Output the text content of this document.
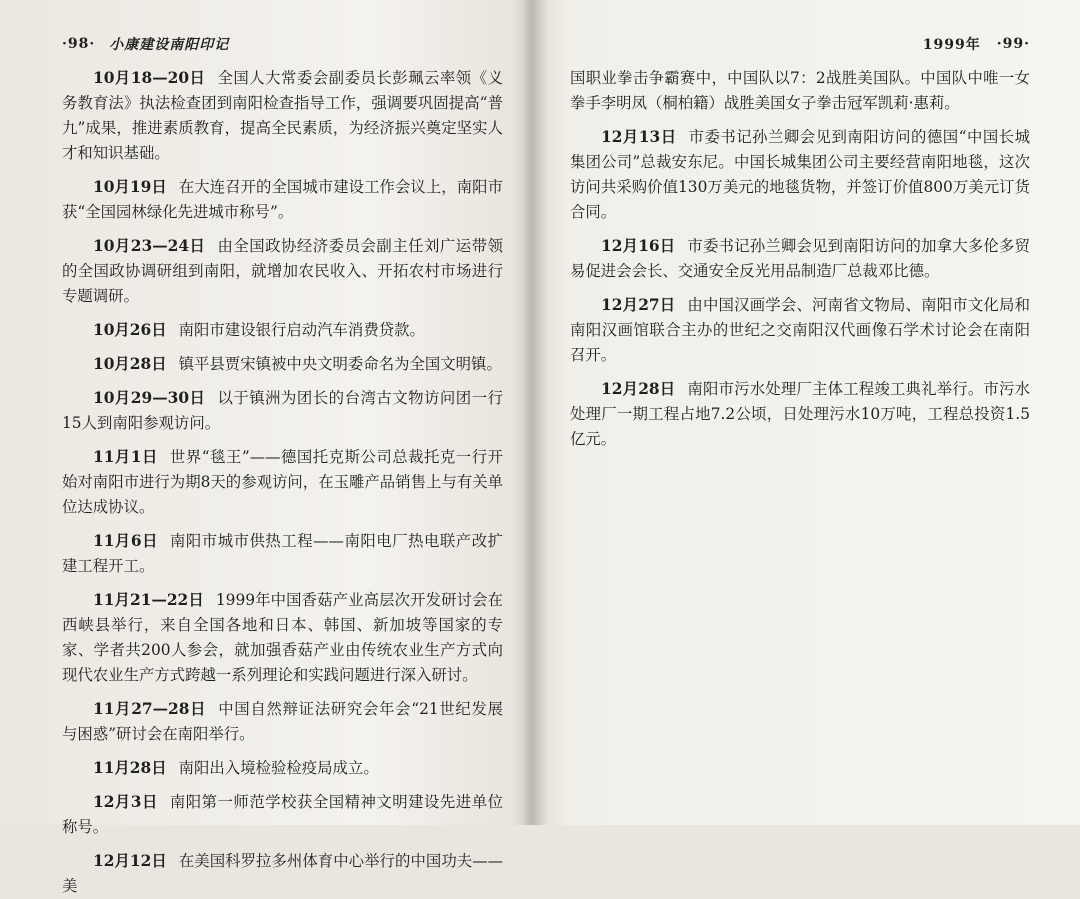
·98· 小康建设南阳印记

10月18—20日 全国人大常委会副委员长彭珮云率领《义务教育法》执法检查团到南阳检查指导工作，强调要巩固提高“普九”成果，推进素质教育，提高全民素质，为经济振兴奠定坚实人才和知识基础。

10月19日 在大连召开的全国城市建设工作会议上，南阳市获“全国园林绿化先进城市称号”。

10月23—24日 由全国政协经济委员会副主任刘广运带领的全国政协调研组到南阳，就增加农民收入、开拓农村市场进行专题调研。

10月26日 南阳市建设银行启动汽车消费贷款。

10月28日 镇平县贾宋镇被中央文明委命名为全国文明镇。

10月29—30日 以于镇洲为团长的台湾古文物访问团一行15人到南阳参观访问。

11月1日 世界“毯王”——德国托克斯公司总裁托克一行开始对南阳市进行为期8天的参观访问，在玉雕产品销售上与有关单位达成协议。

11月6日 南阳市城市供热工程——南阳电厂热电联产改扩建工程开工。

11月21—22日 1999年中国香菇产业高层次开发研讨会在西峡县举行，来自全国各地和日本、韩国、新加坡等国家的专家、学者共200人参会，就加强香菇产业由传统农业生产方式向现代农业生产方式跨越一系列理论和实践问题进行深入研讨。

11月27—28日 中国自然辩证法研究会年会“21世纪发展与困惑”研讨会在南阳举行。

11月28日 南阳出入境检验检疫局成立。

12月3日 南阳第一师范学校获全国精神文明建设先进单位称号。

12月12日 在美国科罗拉多州体育中心举行的中国功夫——美

1999年 ·99·

国职业拳击争霸赛中，中国队以7：2战胜美国队。中国队中唯一女拳手李明凤（桐柏籍）战胜美国女子拳击冠军凯莉·惠莉。

12月13日 市委书记孙兰卿会见到南阳访问的德国“中国长城集团公司”总裁安东尼。中国长城集团公司主要经营南阳地毯，这次访问共采购价值130万美元的地毯货物，并签订价值800万美元订货合同。

12月16日 市委书记孙兰卿会见到南阳访问的加拿大多伦多贸易促进会会长、交通安全反光用品制造厂总裁邓比德。

12月27日 由中国汉画学会、河南省文物局、南阳市文化局和南阳汉画馆联合主办的世纪之交南阳汉代画像石学术讨论会在南阳召开。

12月28日 南阳市污水处理厂主体工程竣工典礼举行。市污水处理厂一期工程占地7.2公顷，日处理污水10万吨，工程总投资1.5亿元。
